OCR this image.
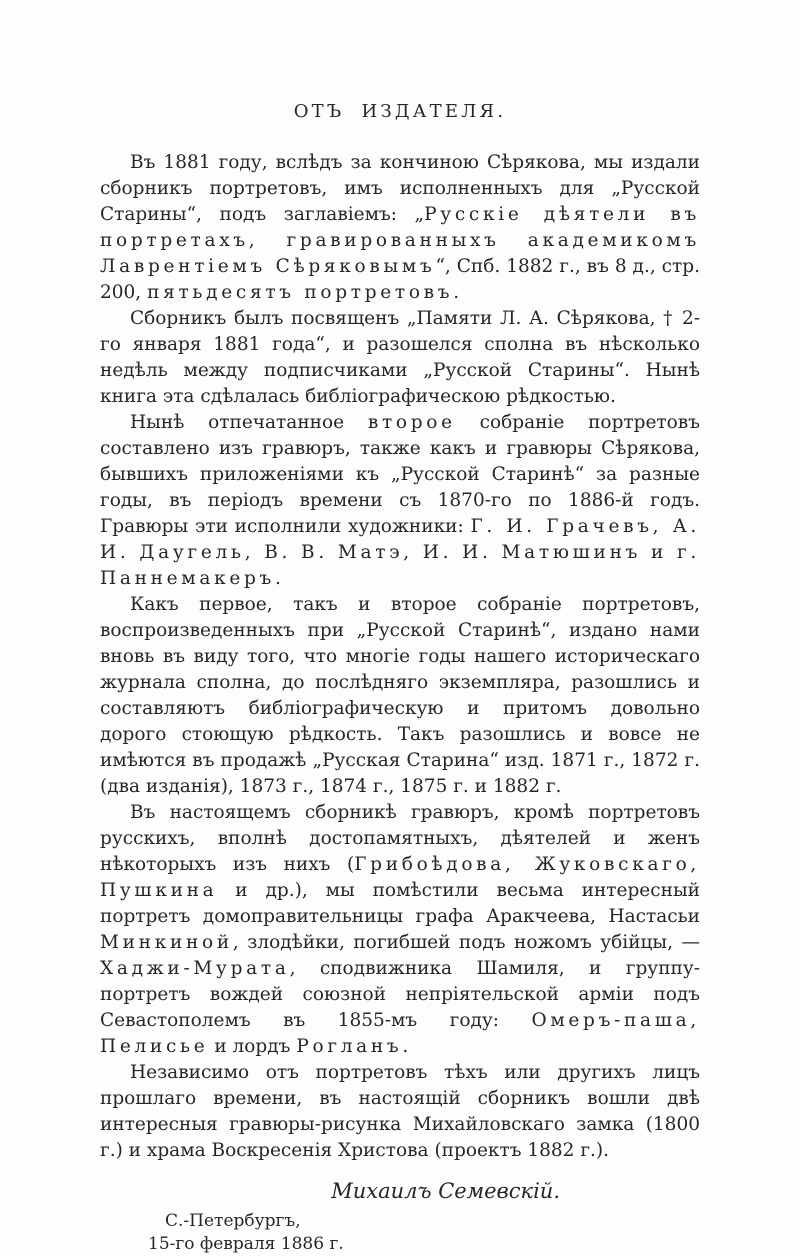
ОТЪ ИЗДАТЕЛЯ.

Въ 1881 году, вслѣдъ за кончиною Сѣрякова, мы издали сборникъ портретовъ, имъ исполненныхъ для „Русской Старины“, подъ заглавіемъ: „Русскіе дѣятели въ портретахъ, гравированныхъ академикомъ Лаврентіемъ Сѣряковымъ“, Спб. 1882 г., въ 8 д., стр. 200, пятьдесятъ портретовъ.

Сборникъ былъ посвященъ „Памяти Л. А. Сѣрякова, † 2-го января 1881 года“, и разошелся сполна въ нѣсколько недѣль между подписчиками „Русской Старины“. Нынѣ книга эта сдѣлалась библіографическою рѣдкостью.

Нынѣ отпечатанное второе собраніе портретовъ составлено изъ гравюръ, также какъ и гравюры Сѣрякова, бывшихъ приложеніями къ „Русской Старинѣ“ за разные годы, въ періодъ времени съ 1870-го по 1886-й годъ. Гравюры эти исполнили художники: Г. И. Грачевъ, А. И. Даугель, В. В. Матэ, И. И. Матюшинъ и г. Паннемакеръ.

Какъ первое, такъ и второе собраніе портретовъ, воспроизведенныхъ при „Русской Старинѣ“, издано нами вновь въ виду того, что многіе годы нашего историческаго журнала сполна, до послѣдняго экземпляра, разошлись и составляютъ библіографическую и притомъ довольно дорого стоющую рѣдкость. Такъ разошлись и вовсе не имѣются въ продажѣ „Русская Старина“ изд. 1871 г., 1872 г. (два изданія), 1873 г., 1874 г., 1875 г. и 1882 г.

Въ настоящемъ сборникѣ гравюръ, кромѣ портретовъ русскихъ, вполнѣ достопамятныхъ, дѣятелей и женъ нѣкоторыхъ изъ нихъ (Грибоѣдова, Жуковскаго, Пушкина и др.), мы помѣстили весьма интересный портретъ домоправительницы графа Аракчеева, Настасьи Минкиной, злодѣйки, погибшей подъ ножомъ убійцы, — Хаджи-Мурата, сподвижника Шамиля, и группу-портретъ вождей союзной непріятельской арміи подъ Севастополемъ въ 1855-мъ году: Омеръ-паша, Пелисье и лордъ Рогланъ.

Независимо отъ портретовъ тѣхъ или другихъ лицъ прошлаго времени, въ настоящій сборникъ вошли двѣ интересныя гравюры-рисунка Михайловскаго замка (1800 г.) и храма Воскресенія Христова (проектъ 1882 г.).

Михаилъ Семевскій.
С.-Петербургъ,
15-го февраля 1886 г.
